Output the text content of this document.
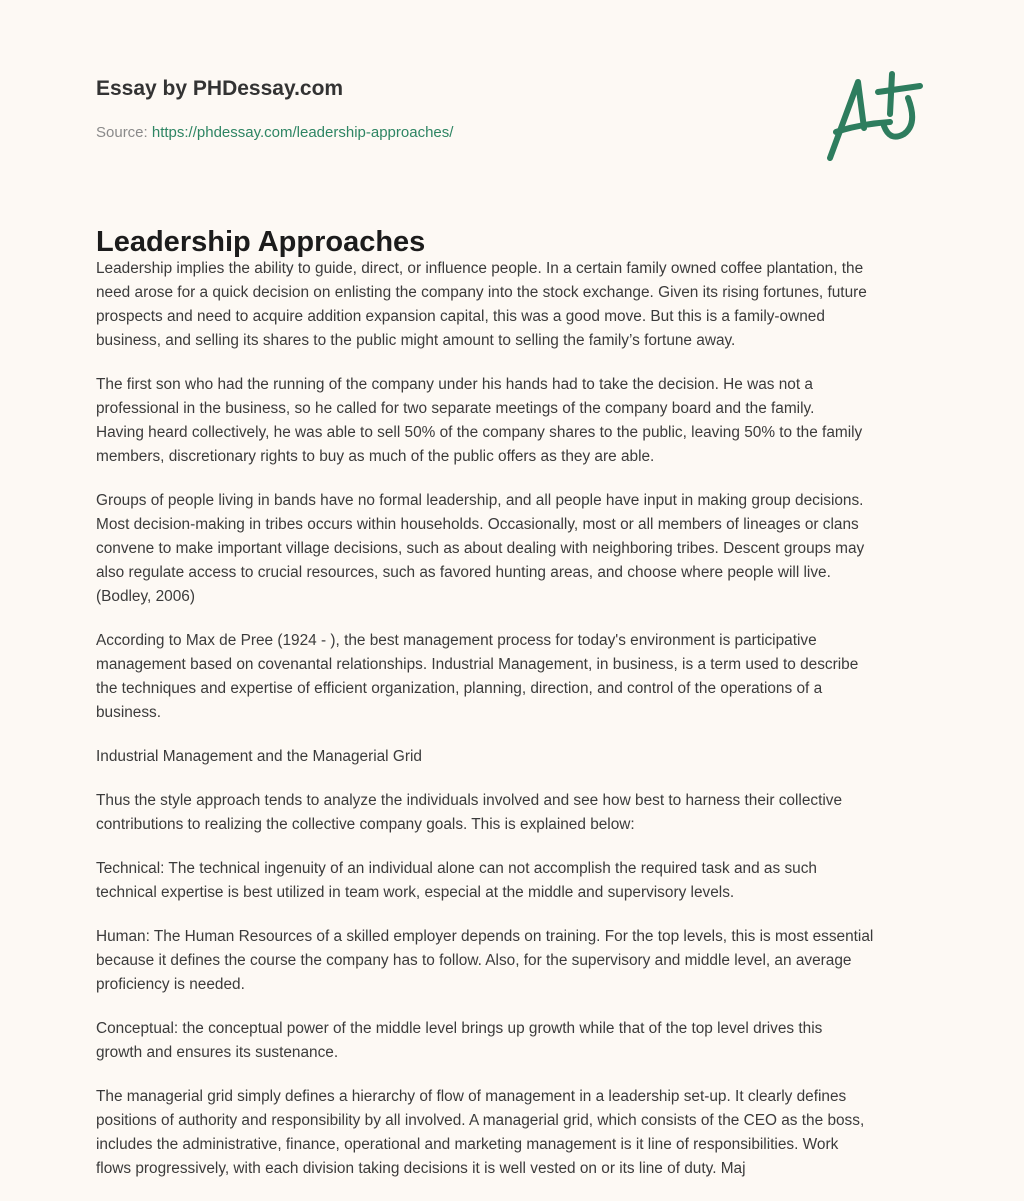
Essay by PHDessay.com
Source: https://phdessay.com/leadership-approaches/
Leadership Approaches

Leadership implies the ability to guide, direct, or influence people. In a certain family owned coffee plantation, the
need arose for a quick decision on enlisting the company into the stock exchange. Given its rising fortunes, future
prospects and need to acquire addition expansion capital, this was a good move. But this is a family-owned
business, and selling its shares to the public might amount to selling the family’s fortune away.

The first son who had the running of the company under his hands had to take the decision. He was not a
professional in the business, so he called for two separate meetings of the company board and the family.
Having heard collectively, he was able to sell 50% of the company shares to the public, leaving 50% to the family
members, discretionary rights to buy as much of the public offers as they are able.

Groups of people living in bands have no formal leadership, and all people have input in making group decisions.
Most decision-making in tribes occurs within households. Occasionally, most or all members of lineages or clans
convene to make important village decisions, such as about dealing with neighboring tribes. Descent groups may
also regulate access to crucial resources, such as favored hunting areas, and choose where people will live.
(Bodley, 2006)

According to Max de Pree (1924 - ), the best management process for today's environment is participative
management based on covenantal relationships. Industrial Management, in business, is a term used to describe
the techniques and expertise of efficient organization, planning, direction, and control of the operations of a
business.

Industrial Management and the Managerial Grid

Thus the style approach tends to analyze the individuals involved and see how best to harness their collective
contributions to realizing the collective company goals. This is explained below:

Technical: The technical ingenuity of an individual alone can not accomplish the required task and as such
technical expertise is best utilized in team work, especial at the middle and supervisory levels.

Human: The Human Resources of a skilled employer depends on training. For the top levels, this is most essential
because it defines the course the company has to follow. Also, for the supervisory and middle level, an average
proficiency is needed.

Conceptual: the conceptual power of the middle level brings up growth while that of the top level drives this
growth and ensures its sustenance.

The managerial grid simply defines a hierarchy of flow of management in a leadership set-up. It clearly defines
positions of authority and responsibility by all involved. A managerial grid, which consists of the CEO as the boss,
includes the administrative, finance, operational and marketing management is it line of responsibilities. Work
flows progressively, with each division taking decisions it is well vested on or its line of duty. Maj
